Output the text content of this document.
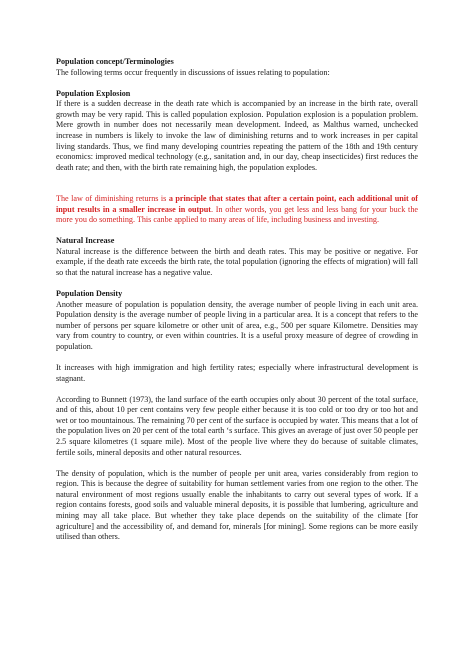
Population concept/Terminologies

The following terms occur frequently in discussions of issues relating to population:

Population Explosion

If there is a sudden decrease in the death rate which is accompanied by an increase in the birth rate, overall growth may be very rapid. This is called population explosion. Population explosion is a population problem. Mere growth in number does not necessarily mean development. Indeed, as Malthus warned, unchecked increase in numbers is likely to invoke the law of diminishing returns and to work increases in per capital living standards. Thus, we find many developing countries repeating the pattern of the 18th and 19th century economics: improved medical technology (e.g., sanitation and, in our day, cheap insecticides) first reduces the death rate; and then, with the birth rate remaining high, the population explodes.

The law of diminishing returns is a principle that states that after a certain point, each additional unit of input results in a smaller increase in output. In other words, you get less and less bang for your buck the more you do something. This canbe applied to many areas of life, including business and investing.

Natural Increase

Natural increase is the difference between the birth and death rates. This may be positive or negative. For example, if the death rate exceeds the birth rate, the total population (ignoring the effects of migration) will fall so that the natural increase has a negative value.

Population Density

Another measure of population is population density, the average number of people living in each unit area. Population density is the average number of people living in a particular area. It is a concept that refers to the number of persons per square kilometre or other unit of area, e.g., 500 per square Kilometre. Densities may vary from country to country, or even within countries. It is a useful proxy measure of degree of crowding in population.

It increases with high immigration and high fertility rates; especially where infrastructural development is stagnant.

According to Bunnett (1973), the land surface of the earth occupies only about 30 percent of the total surface, and of this, about 10 per cent contains very few people either because it is too cold or too dry or too hot and wet or too mountainous. The remaining 70 per cent of the surface is occupied by water. This means that a lot of the population lives on 20 per cent of the total earth ‘s surface. This gives an average of just over 50 people per 2.5 square kilometres (1 square mile). Most of the people live where they do because of suitable climates, fertile soils, mineral deposits and other natural resources.

The density of population, which is the number of people per unit area, varies considerably from region to region. This is because the degree of suitability for human settlement varies from one region to the other. The natural environment of most regions usually enable the inhabitants to carry out several types of work. If a region contains forests, good soils and valuable mineral deposits, it is possible that lumbering, agriculture and mining may all take place. But whether they take place depends on the suitability of the climate [for agriculture] and the accessibility of, and demand for, minerals [for mining]. Some regions can be more easily utilised than others.
